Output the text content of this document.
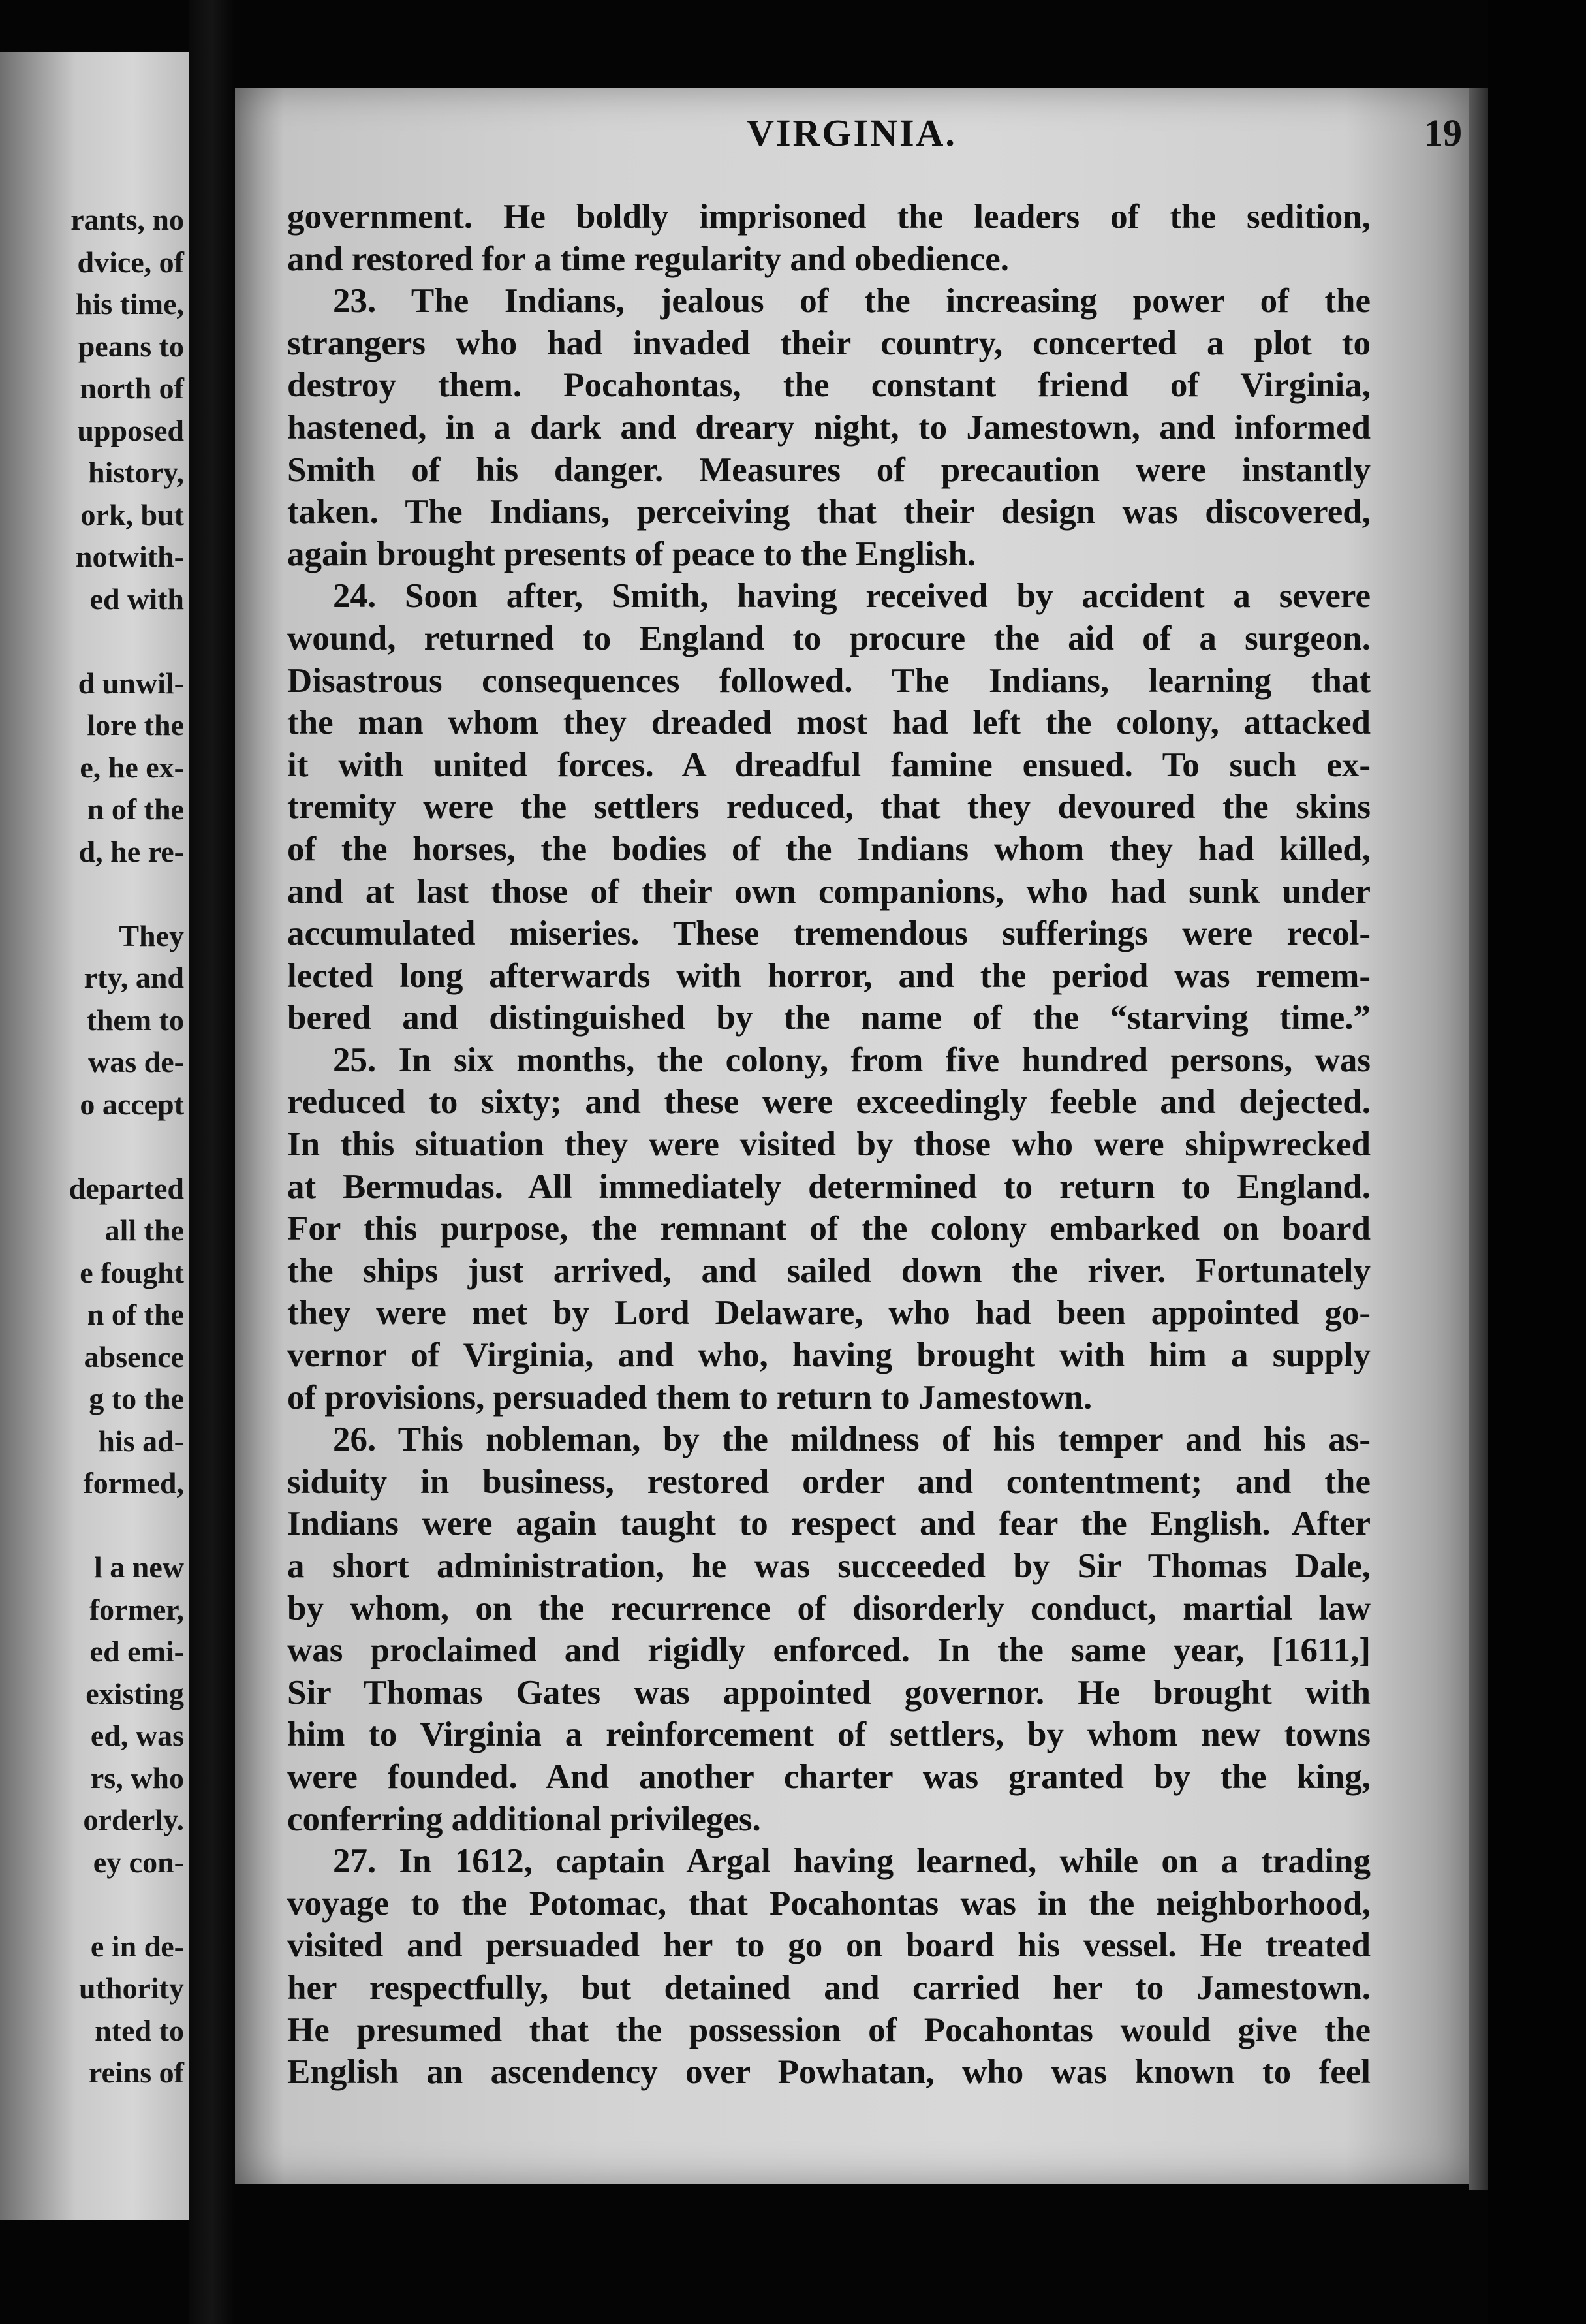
rants, no
dvice, of
his time,
peans to
north of
upposed
history,
ork, but
notwith-
ed with
d unwil-
lore the
e, he ex-
n of the
d, he re-
They
rty, and
them to
was de-
o accept
departed
all the
e fought
n of the
absence
g to the
his ad-
formed,
l a new
former,
ed emi-
existing
ed, was
rs, who
orderly.
ey con-
e in de-
uthority
nted to
reins of
VIRGINIA.	19
government. He boldly imprisoned the leaders of the sedition,
and restored for a time regularity and obedience.
23. The Indians, jealous of the increasing power of the
strangers who had invaded their country, concerted a plot to
destroy them. Pocahontas, the constant friend of Virginia,
hastened, in a dark and dreary night, to Jamestown, and informed
Smith of his danger. Measures of precaution were instantly
taken. The Indians, perceiving that their design was discovered,
again brought presents of peace to the English.
24. Soon after, Smith, having received by accident a severe
wound, returned to England to procure the aid of a surgeon.
Disastrous consequences followed. The Indians, learning that
the man whom they dreaded most had left the colony, attacked
it with united forces. A dreadful famine ensued. To such ex-
tremity were the settlers reduced, that they devoured the skins
of the horses, the bodies of the Indians whom they had killed,
and at last those of their own companions, who had sunk under
accumulated miseries. These tremendous sufferings were recol-
lected long afterwards with horror, and the period was remem-
bered and distinguished by the name of the “starving time.”
25. In six months, the colony, from five hundred persons, was
reduced to sixty; and these were exceedingly feeble and dejected.
In this situation they were visited by those who were shipwrecked
at Bermudas. All immediately determined to return to England.
For this purpose, the remnant of the colony embarked on board
the ships just arrived, and sailed down the river. Fortunately
they were met by Lord Delaware, who had been appointed go-
vernor of Virginia, and who, having brought with him a supply
of provisions, persuaded them to return to Jamestown.
26. This nobleman, by the mildness of his temper and his as-
siduity in business, restored order and contentment; and the
Indians were again taught to respect and fear the English. After
a short administration, he was succeeded by Sir Thomas Dale,
by whom, on the recurrence of disorderly conduct, martial law
was proclaimed and rigidly enforced. In the same year, [1611,]
Sir Thomas Gates was appointed governor. He brought with
him to Virginia a reinforcement of settlers, by whom new towns
were founded. And another charter was granted by the king,
conferring additional privileges.
27. In 1612, captain Argal having learned, while on a trading
voyage to the Potomac, that Pocahontas was in the neighborhood,
visited and persuaded her to go on board his vessel. He treated
her respectfully, but detained and carried her to Jamestown.
He presumed that the possession of Pocahontas would give the
English an ascendency over Powhatan, who was known to feel
